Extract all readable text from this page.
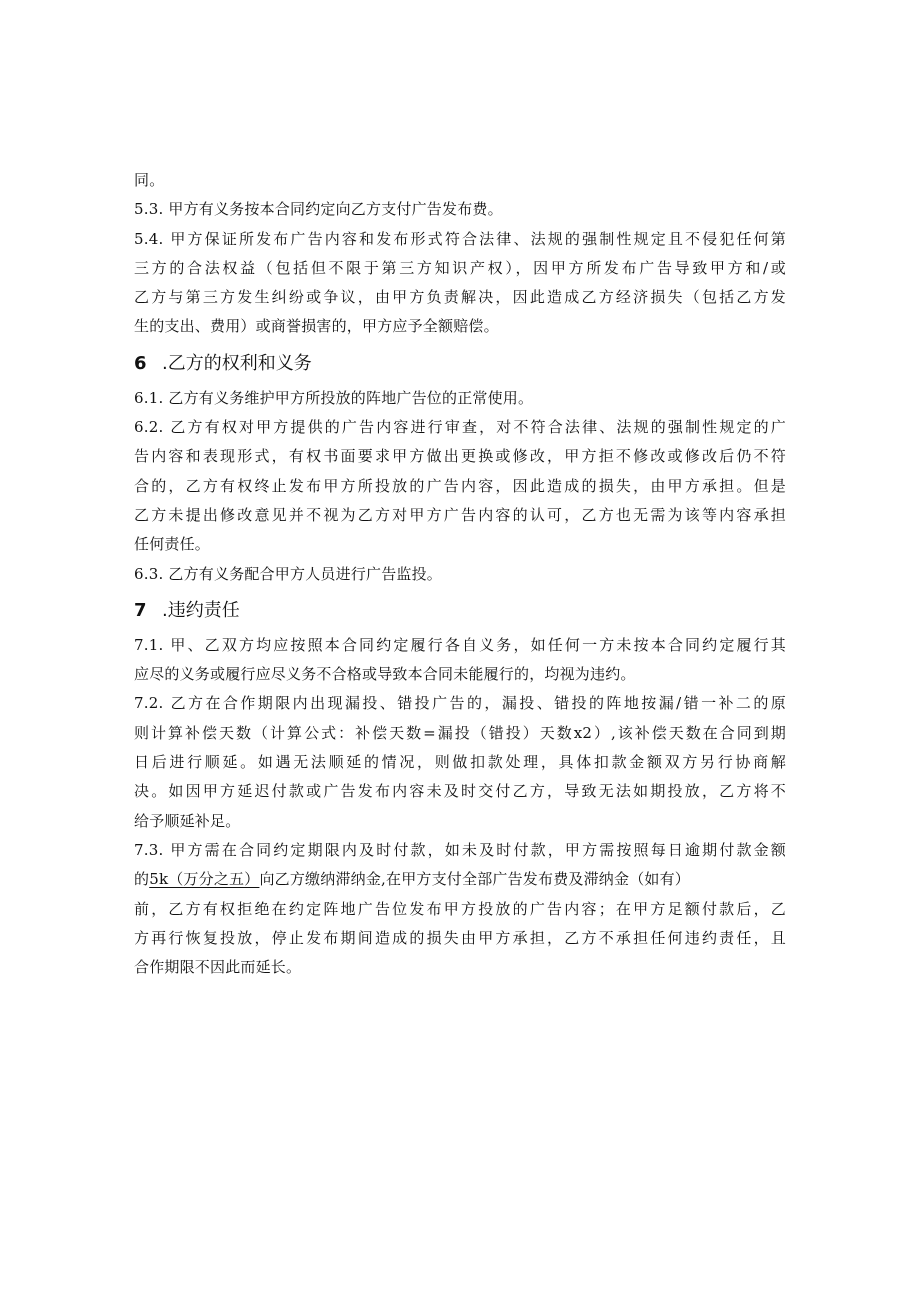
同。
5.3. 甲方有义务按本合同约定向乙方支付广告发布费。
5.4. 甲方保证所发布广告内容和发布形式符合法律、法规的强制性规定且不侵犯任何第
三方的合法权益（包括但不限于第三方知识产权），因甲方所发布广告导致甲方和/或
乙方与第三方发生纠纷或争议，由甲方负责解决，因此造成乙方经济损失（包括乙方发
生的支出、费用）或商誉损害的，甲方应予全额赔偿。
6 .乙方的权利和义务
6.1. 乙方有义务维护甲方所投放的阵地广告位的正常使用。
6.2. 乙方有权对甲方提供的广告内容进行审查，对不符合法律、法规的强制性规定的广
告内容和表现形式，有权书面要求甲方做出更换或修改，甲方拒不修改或修改后仍不符
合的，乙方有权终止发布甲方所投放的广告内容，因此造成的损失，由甲方承担。但是
乙方未提出修改意见并不视为乙方对甲方广告内容的认可，乙方也无需为该等内容承担
任何责任。
6.3. 乙方有义务配合甲方人员进行广告监投。
7 .违约责任
7.1. 甲、乙双方均应按照本合同约定履行各自义务，如任何一方未按本合同约定履行其
应尽的义务或履行应尽义务不合格或导致本合同未能履行的，均视为违约。
7.2. 乙方在合作期限内出现漏投、错投广告的，漏投、错投的阵地按漏/错一补二的原
则计算补偿天数（计算公式：补偿天数=漏投（错投）天数x2）,该补偿天数在合同到期
日后进行顺延。如遇无法顺延的情况，则做扣款处理，具体扣款金额双方另行协商解
决。如因甲方延迟付款或广告发布内容未及时交付乙方，导致无法如期投放，乙方将不
给予顺延补足。
7.3. 甲方需在合同约定期限内及时付款，如未及时付款，甲方需按照每日逾期付款金额
的5k（万分之五）向乙方缴纳滞纳金,在甲方支付全部广告发布费及滞纳金（如有）
前，乙方有权拒绝在约定阵地广告位发布甲方投放的广告内容；在甲方足额付款后，乙
方再行恢复投放，停止发布期间造成的损失由甲方承担，乙方不承担任何违约责任，且
合作期限不因此而延长。
